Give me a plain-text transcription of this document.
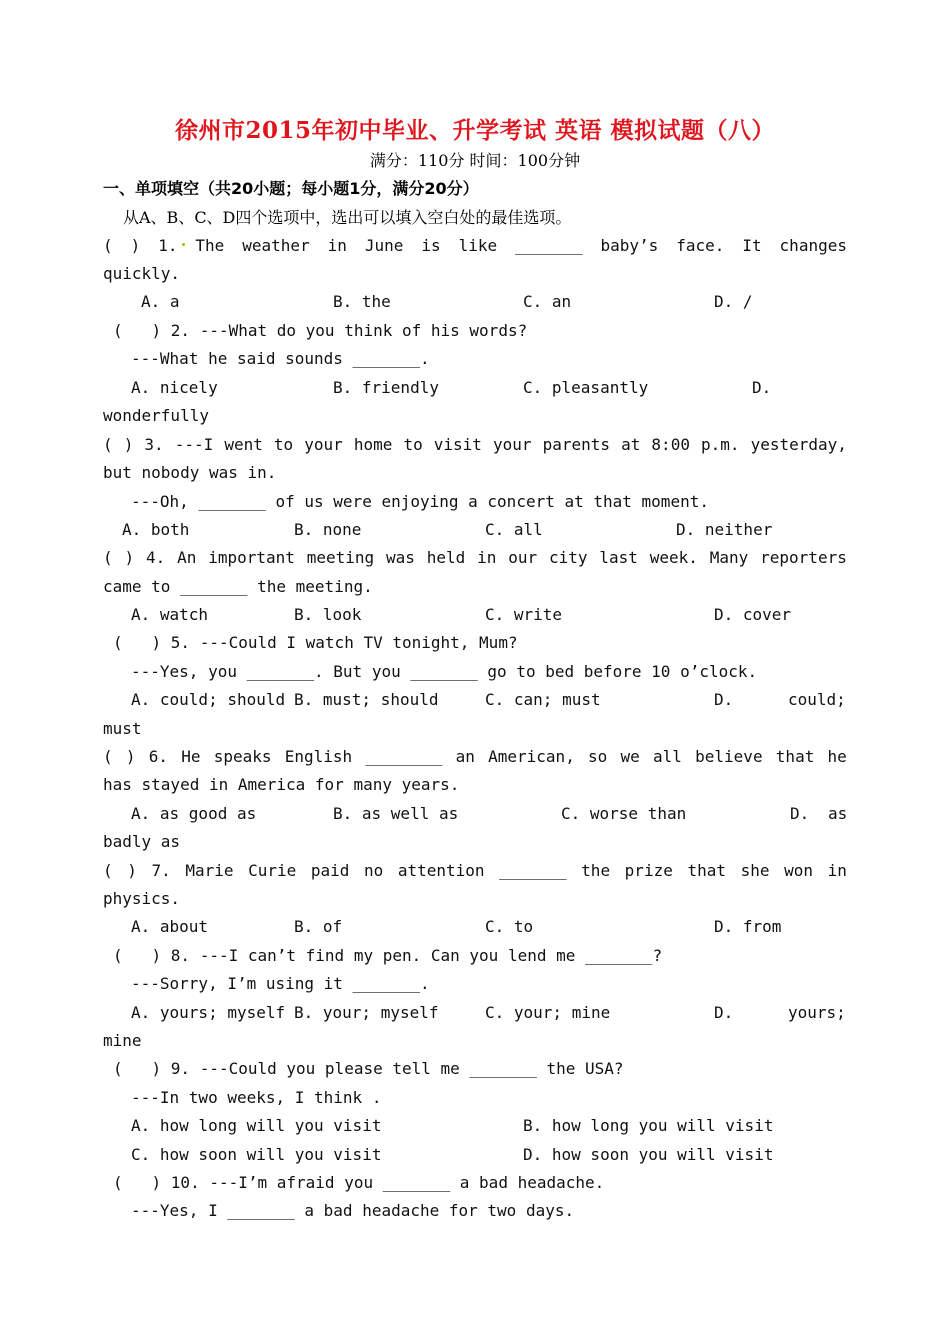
徐州市2015年初中毕业、升学考试 英语 模拟试题（八）
满分：110分 时间：100分钟
一、单项填空（共20小题；每小题1分，满分20分）
从A、B、C、D四个选项中，选出可以填入空白处的最佳选项。
( ) 1. The weather in June is like _______ baby’s face. It changes
quickly.
A. a	B. the	C. an	D. /
(   ) 2. ---What do you think of his words?
---What he said sounds _______.
A. nicely	B. friendly	C. pleasantly	D.
wonderfully
( ) 3. ---I went to your home to visit your parents at 8:00 p.m. yesterday,
but nobody was in.
---Oh, _______ of us were enjoying a concert at that moment.
A. both	B. none	C. all	D. neither
( ) 4. An important meeting was held in our city last week. Many reporters
came to _______ the meeting.
A. watch	B. look	C. write	D. cover
(   ) 5. ---Could I watch TV tonight, Mum?
---Yes, you _______. But you _______ go to bed before 10 o’clock.
A. could; should B. must; should	C. can; must	D.	could;
must
( ) 6. He speaks English ________ an American, so we all believe that he
has stayed in America for many years.
A. as good as	B. as well as	C. worse than	D. as
badly as
( ) 7. Marie Curie paid no attention _______ the prize that she won in
physics.
A. about	B. of	C. to	D. from
(   ) 8. ---I can’t find my pen. Can you lend me _______?
---Sorry, I’m using it _______.
A. yours; myself B. your; myself	C. your; mine	D.	yours;
mine
(   ) 9. ---Could you please tell me _______ the USA?
---In two weeks, I think .
A. how long will you visit	B. how long you will visit
C. how soon will you visit	D. how soon you will visit
(   ) 10. ---I’m afraid you _______ a bad headache.
---Yes, I _______ a bad headache for two days.
